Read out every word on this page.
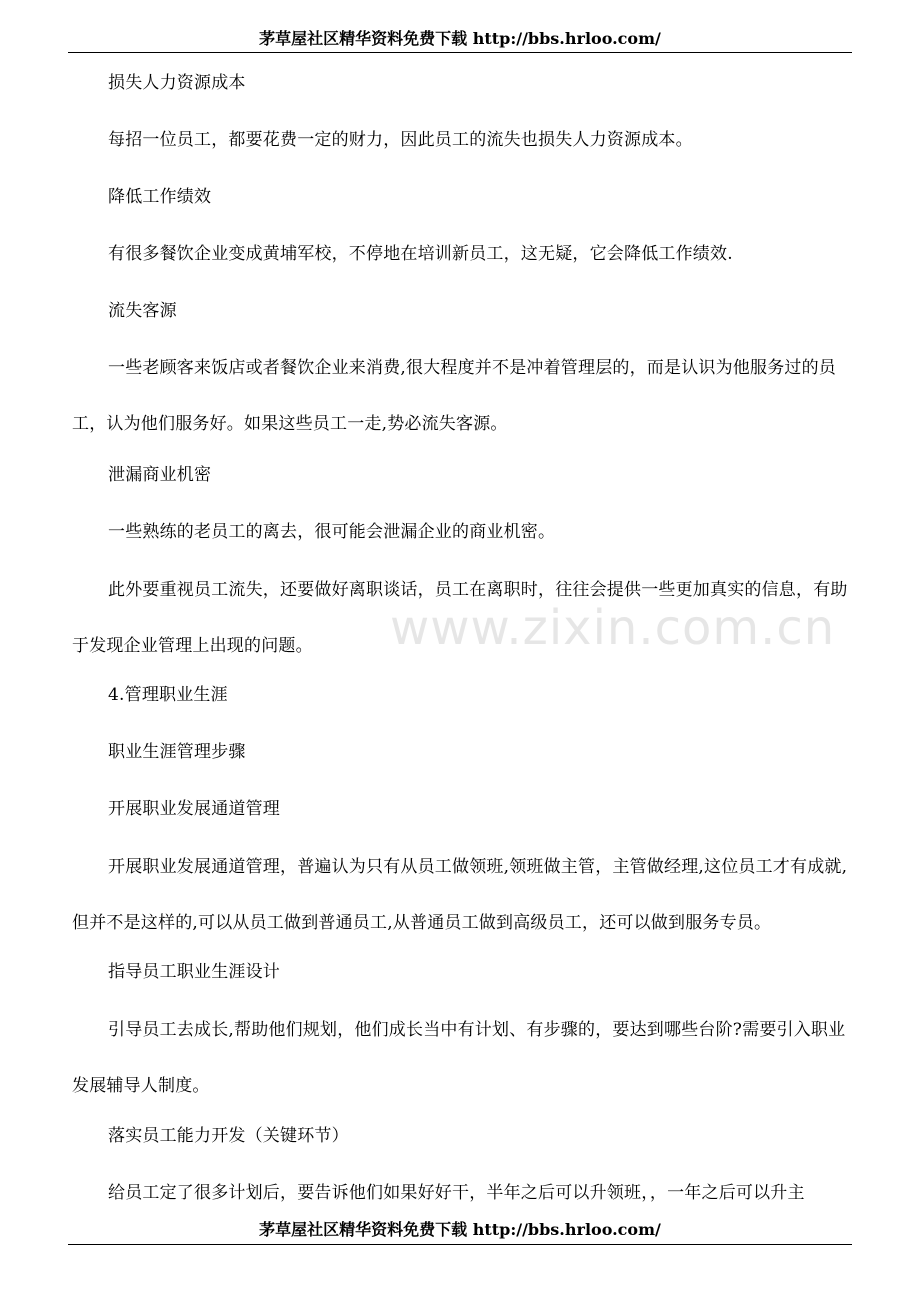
茅草屋社区精华资料免费下载 http://bbs.hrloo.com/
www.zixin.com.cn
损失人力资源成本
每招一位员工，都要花费一定的财力，因此员工的流失也损失人力资源成本。
降低工作绩效
有很多餐饮企业变成黄埔军校，不停地在培训新员工，这无疑，它会降低工作绩效.
流失客源
一些老顾客来饭店或者餐饮企业来消费,很大程度并不是冲着管理层的，而是认识为他服务过的员工，认为他们服务好。如果这些员工一走,势必流失客源。
泄漏商业机密
一些熟练的老员工的离去，很可能会泄漏企业的商业机密。
此外要重视员工流失，还要做好离职谈话，员工在离职时，往往会提供一些更加真实的信息，有助于发现企业管理上出现的问题。
4.管理职业生涯
职业生涯管理步骤
开展职业发展通道管理
开展职业发展通道管理，普遍认为只有从员工做领班,领班做主管，主管做经理,这位员工才有成就,但并不是这样的,可以从员工做到普通员工,从普通员工做到高级员工，还可以做到服务专员。
指导员工职业生涯设计
引导员工去成长,帮助他们规划，他们成长当中有计划、有步骤的，要达到哪些台阶?需要引入职业发展辅导人制度。
落实员工能力开发（关键环节）
给员工定了很多计划后，要告诉他们如果好好干，半年之后可以升领班，，一年之后可以升主
茅草屋社区精华资料免费下载 http://bbs.hrloo.com/
